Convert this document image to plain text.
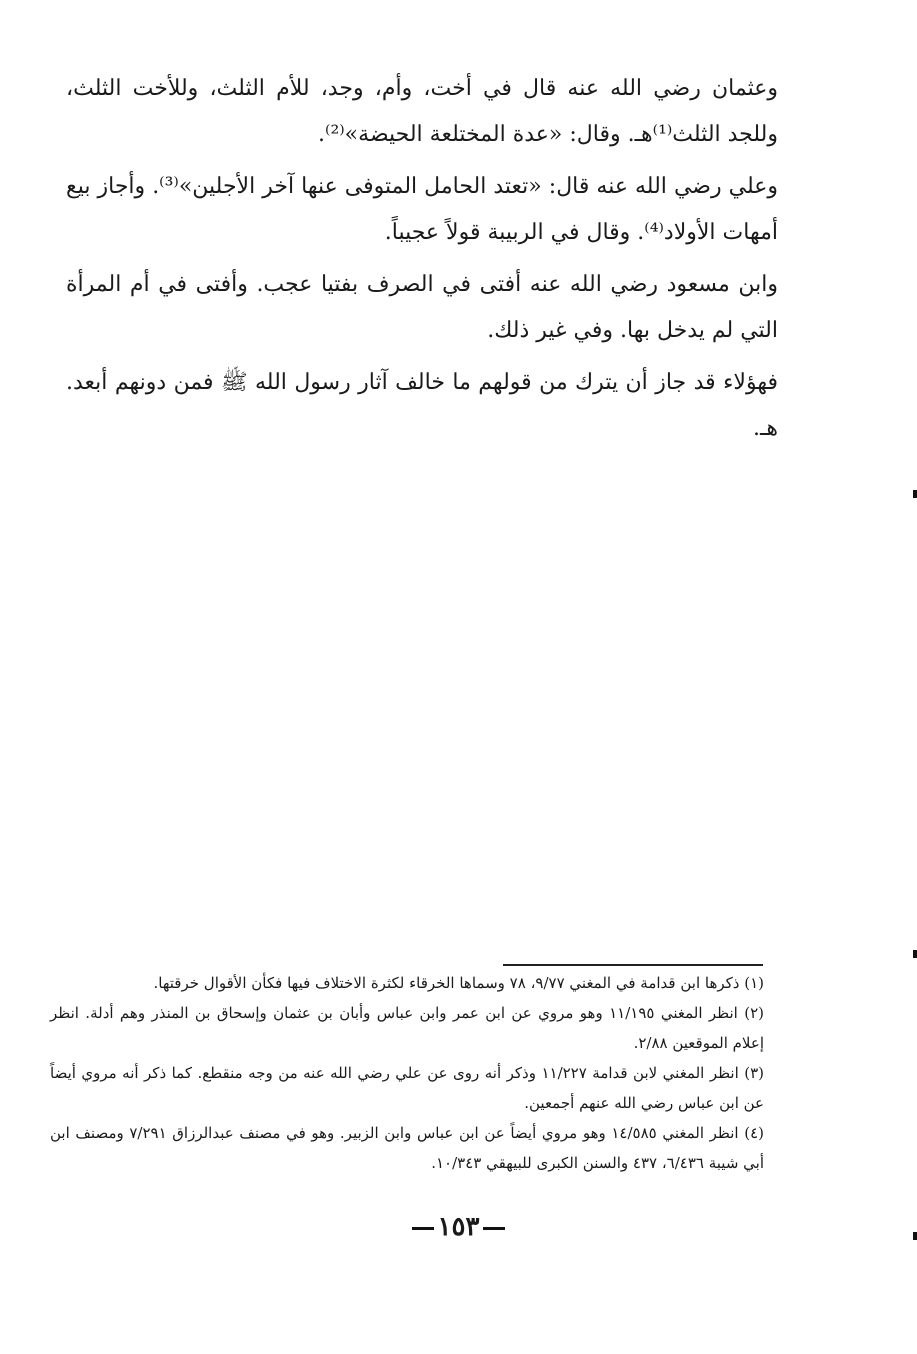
وعثمان رضي الله عنه قال في أخت، وأم، وجد، للأم الثلث، وللأخت الثلث، وللجد الثلث⁽¹⁾هـ. وقال: «عدة المختلعة الحيضة»⁽²⁾.

وعلي رضي الله عنه قال: «تعتد الحامل المتوفى عنها آخر الأجلين»⁽³⁾. وأجاز بيع أمهات الأولاد⁽⁴⁾. وقال في الربيبة قولاً عجيباً.

وابن مسعود رضي الله عنه أفتى في الصرف بفتيا عجب. وأفتى في أم المرأة التي لم يدخل بها. وفي غير ذلك.

فهؤلاء قد جاز أن يترك من قولهم ما خالف آثار رسول الله ﷺ فمن دونهم أبعد. هـ.

(١) ذكرها ابن قدامة في المغني ٩/٧٧، ٧٨ وسماها الخرقاء لكثرة الاختلاف فيها فكأن الأقوال خرقتها.

(٢) انظر المغني ١١/١٩٥ وهو مروي عن ابن عمر وابن عباس وأبان بن عثمان وإسحاق بن المنذر وهم أدلة. انظر إعلام الموقعين ٢/٨٨.

(٣) انظر المغني لابن قدامة ١١/٢٢٧ وذكر أنه روى عن علي رضي الله عنه من وجه منقطع. كما ذكر أنه مروي أيضاً عن ابن عباس رضي الله عنهم أجمعين.

(٤) انظر المغني ١٤/٥٨٥ وهو مروي أيضاً عن ابن عباس وابن الزبير. وهو في مصنف عبدالرزاق ٧/٢٩١ ومصنف ابن أبي شيبة ٦/٤٣٦، ٤٣٧ والسنن الكبرى للبيهقي ١٠/٣٤٣.

١٥٣
